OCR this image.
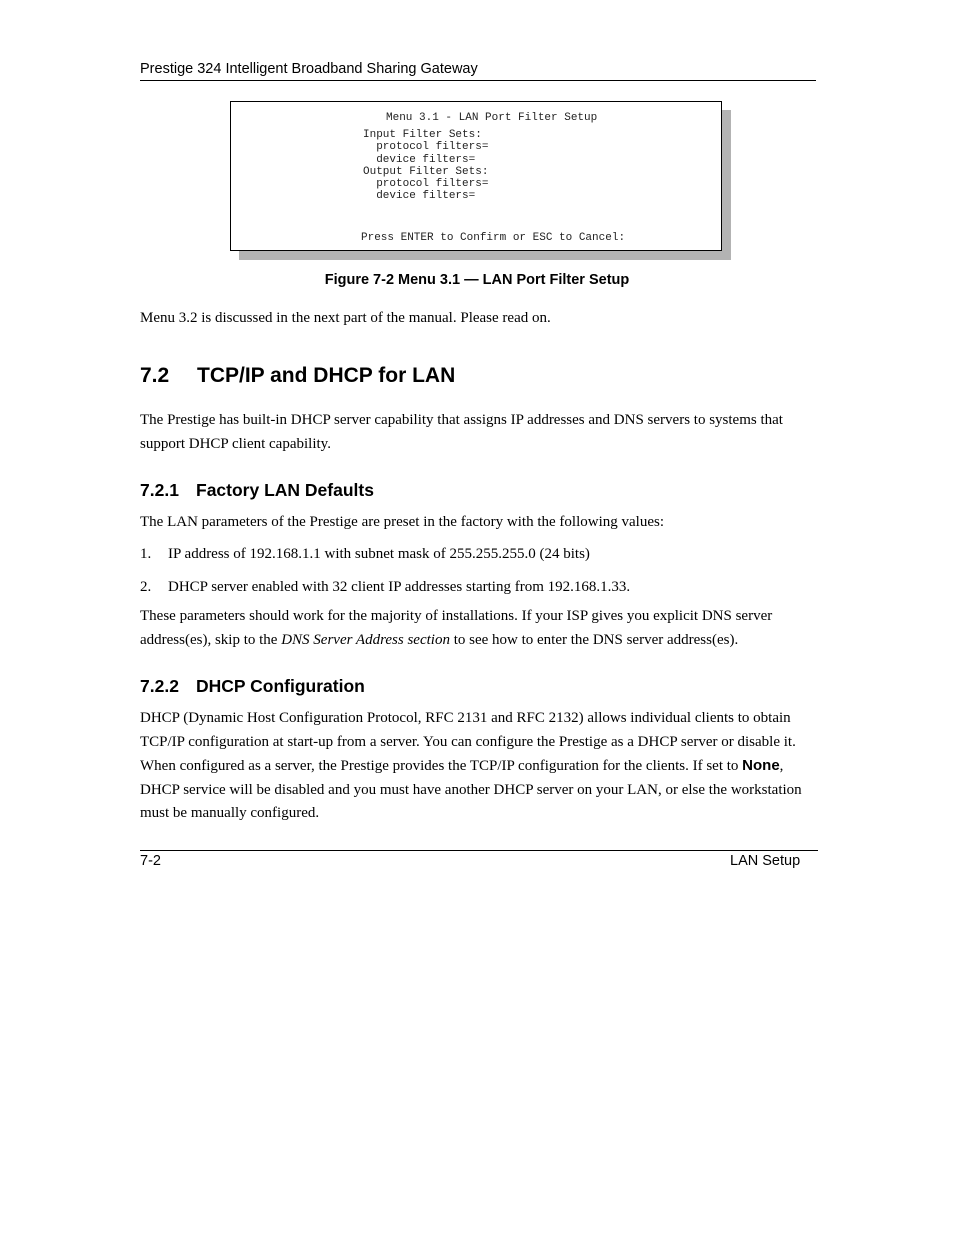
Prestige 324 Intelligent Broadband Sharing Gateway
Menu 3.1 - LAN Port Filter Setup
Input Filter Sets:
protocol filters=
device filters=
Output Filter Sets:
protocol filters=
device filters=
Press ENTER to Confirm or ESC to Cancel:
Figure 7-2 Menu 3.1 — LAN Port Filter Setup

Menu 3.2 is discussed in the next part of the manual. Please read on.

7.2 TCP/IP and DHCP for LAN

The Prestige has built-in DHCP server capability that assigns IP addresses and DNS servers to systems that support DHCP client capability.

7.2.1 Factory LAN Defaults

The LAN parameters of the Prestige are preset in the factory with the following values:

1. IP address of 192.168.1.1 with subnet mask of 255.255.255.0 (24 bits)
2. DHCP server enabled with 32 client IP addresses starting from 192.168.1.33.

These parameters should work for the majority of installations. If your ISP gives you explicit DNS server address(es), skip to the DNS Server Address section to see how to enter the DNS server address(es).

7.2.2 DHCP Configuration

DHCP (Dynamic Host Configuration Protocol, RFC 2131 and RFC 2132) allows individual clients to obtain TCP/IP configuration at start-up from a server. You can configure the Prestige as a DHCP server or disable it. When configured as a server, the Prestige provides the TCP/IP configuration for the clients. If set to None, DHCP service will be disabled and you must have another DHCP server on your LAN, or else the workstation must be manually configured.

7-2	LAN Setup
